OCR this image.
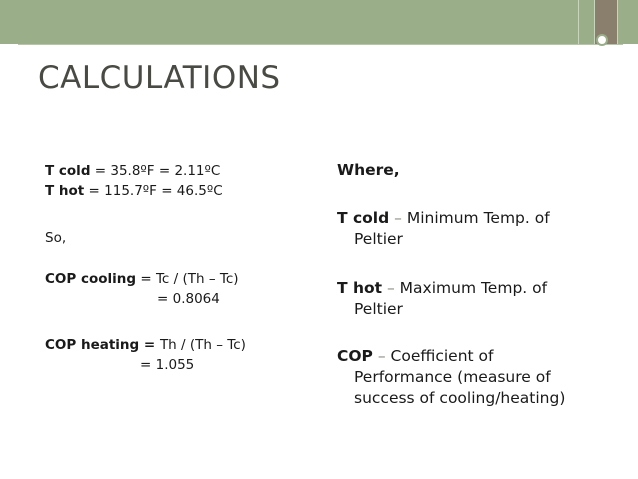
CALCULATIONS
T cold = 35.8ºF = 2.11ºC
T hot = 115.7ºF = 46.5ºC
So,
COP cooling = Tc / (Th – Tc)
= 0.8064
COP heating = Th / (Th – Tc)
= 1.055
Where,
T cold – Minimum Temp. of
Peltier
T hot – Maximum Temp. of
Peltier
COP – Coefficient of
Performance (measure of
success of cooling/heating)
